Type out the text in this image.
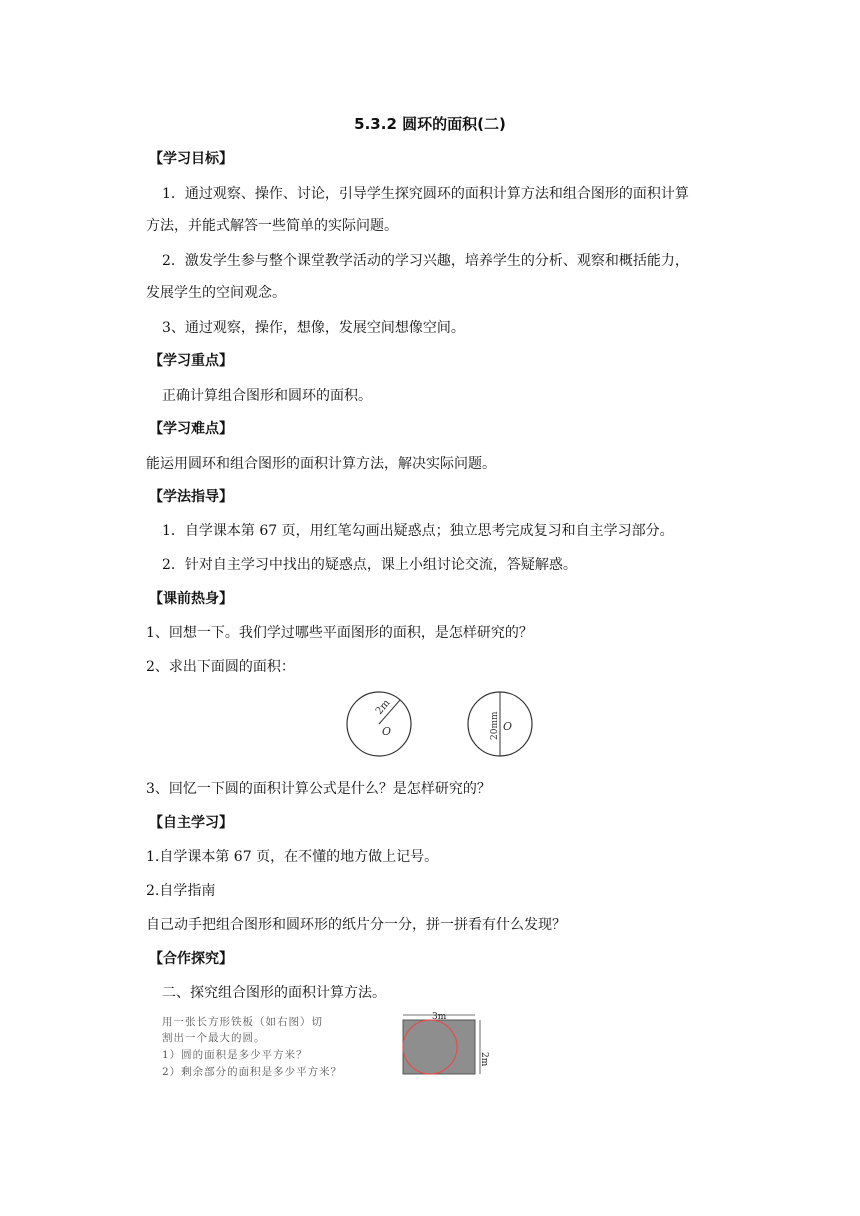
5.3.2 圆环的面积(二)
【学习目标】
1．通过观察、操作、讨论，引导学生探究圆环的面积计算方法和组合图形的面积计算
方法，并能式解答一些简单的实际问题。
2．激发学生参与整个课堂教学活动的学习兴趣，培养学生的分析、观察和概括能力，
发展学生的空间观念。
3、通过观察，操作，想像，发展空间想像空间。
【学习重点】
正确计算组合图形和圆环的面积。
【学习难点】
能运用圆环和组合图形的面积计算方法，解决实际问题。
【学法指导】
1．自学课本第 67 页，用红笔勾画出疑惑点；独立思考完成复习和自主学习部分。
2．针对自主学习中找出的疑惑点，课上小组讨论交流，答疑解惑。
【课前热身】
1、回想一下。我们学过哪些平面图形的面积，是怎样研究的？
2、求出下面圆的面积：
2m
O	20mm O
3、回忆一下圆的面积计算公式是什么？是怎样研究的？
【自主学习】
1.自学课本第 67 页，在不懂的地方做上记号。
2.自学指南
自己动手把组合图形和圆环形的纸片分一分，拼一拼看有什么发现？
【合作探究】
二、探究组合图形的面积计算方法。
用一张长方形铁板（如右图）切
割出一个最大的圆。
1）圆的面积是多少平方米？
2）剩余部分的面积是多少平方米？
3m
2m
